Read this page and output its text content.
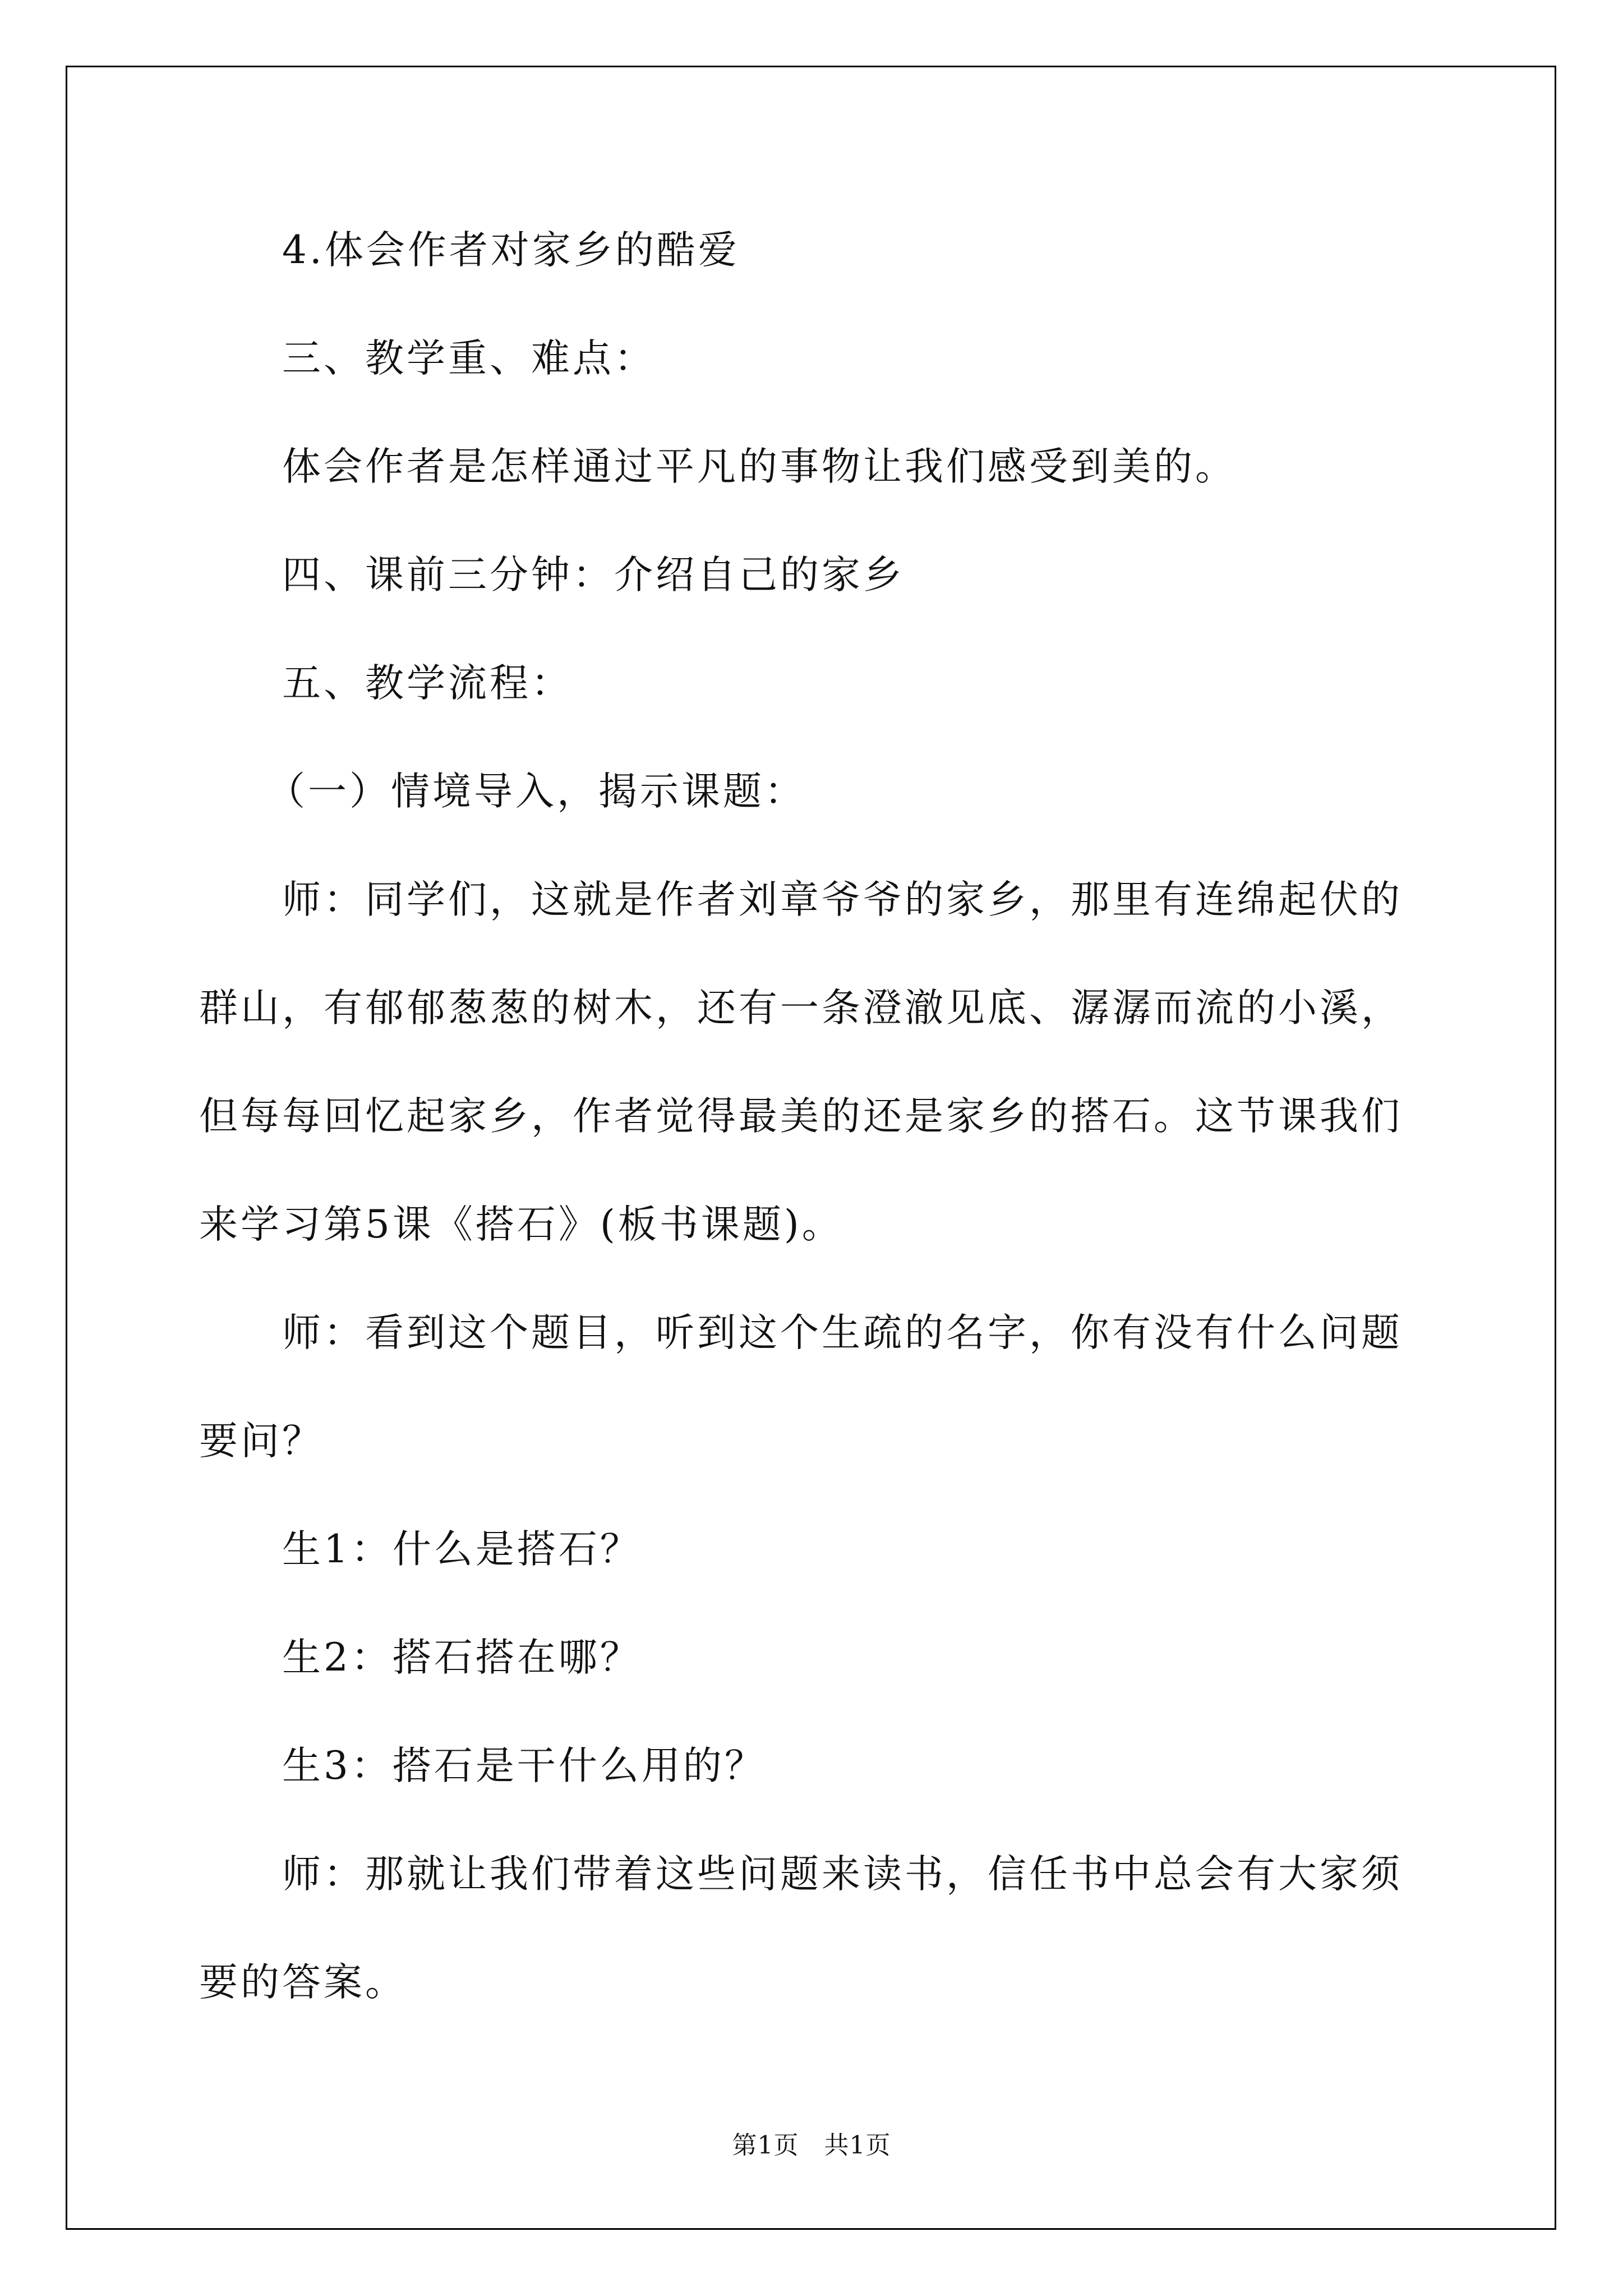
4.体会作者对家乡的酷爱

三、教学重、难点：

体会作者是怎样通过平凡的事物让我们感受到美的。

四、课前三分钟：介绍自己的家乡

五、教学流程：

（一）情境导入，揭示课题：

师：同学们，这就是作者刘章爷爷的家乡，那里有连绵起伏的群山，有郁郁葱葱的树木，还有一条澄澈见底、潺潺而流的小溪，但每每回忆起家乡，作者觉得最美的还是家乡的搭石。这节课我们来学习第5课《搭石》(板书课题)。

师：看到这个题目，听到这个生疏的名字，你有没有什么问题要问？

生1：什么是搭石？

生2：搭石搭在哪？

生3：搭石是干什么用的？

师：那就让我们带着这些问题来读书，信任书中总会有大家须要的答案。

第1页　共1页
